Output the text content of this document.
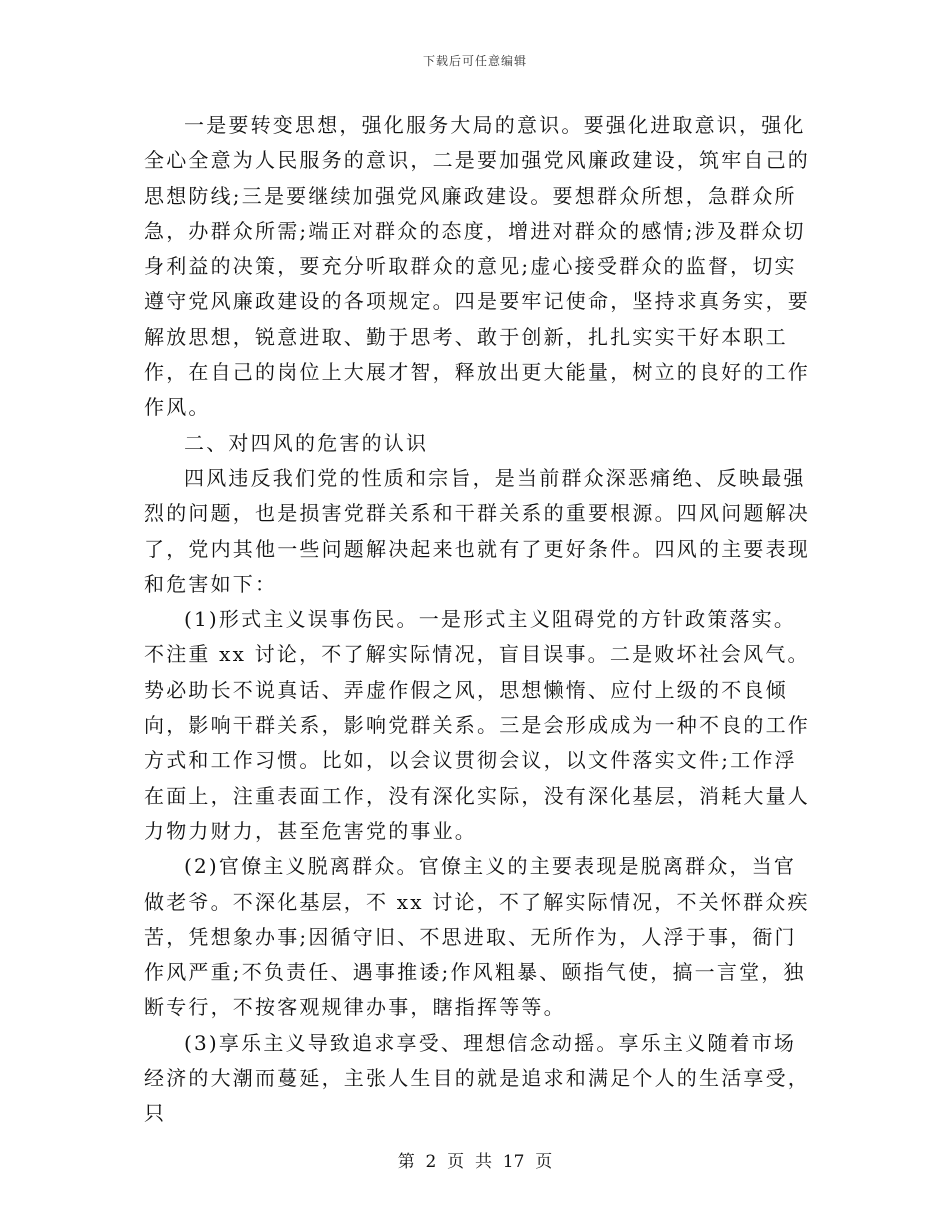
下载后可任意编辑

一是要转变思想，强化服务大局的意识。要强化进取意识，强化全心全意为人民服务的意识，二是要加强党风廉政建设，筑牢自己的思想防线;三是要继续加强党风廉政建设。要想群众所想，急群众所急，办群众所需;端正对群众的态度，增进对群众的感情;涉及群众切身利益的决策，要充分听取群众的意见;虚心接受群众的监督，切实遵守党风廉政建设的各项规定。四是要牢记使命，坚持求真务实，要解放思想，锐意进取、勤于思考、敢于创新，扎扎实实干好本职工作，在自己的岗位上大展才智，释放出更大能量，树立的良好的工作作风。

二、对四风的危害的认识

四风违反我们党的性质和宗旨，是当前群众深恶痛绝、反映最强烈的问题，也是损害党群关系和干群关系的重要根源。四风问题解决了，党内其他一些问题解决起来也就有了更好条件。四风的主要表现和危害如下：

(1)形式主义误事伤民。一是形式主义阻碍党的方针政策落实。不注重 xx 讨论，不了解实际情况，盲目误事。二是败坏社会风气。势必助长不说真话、弄虚作假之风，思想懒惰、应付上级的不良倾向，影响干群关系，影响党群关系。三是会形成成为一种不良的工作方式和工作习惯。比如，以会议贯彻会议，以文件落实文件;工作浮在面上，注重表面工作，没有深化实际，没有深化基层，消耗大量人力物力财力，甚至危害党的事业。

(2)官僚主义脱离群众。官僚主义的主要表现是脱离群众，当官做老爷。不深化基层，不 xx 讨论，不了解实际情况，不关怀群众疾苦，凭想象办事;因循守旧、不思进取、无所作为，人浮于事，衙门作风严重;不负责任、遇事推诿;作风粗暴、颐指气使，搞一言堂，独断专行，不按客观规律办事，瞎指挥等等。

(3)享乐主义导致追求享受、理想信念动摇。享乐主义随着市场经济的大潮而蔓延，主张人生目的就是追求和满足个人的生活享受，只

第  2  页  共  17  页
